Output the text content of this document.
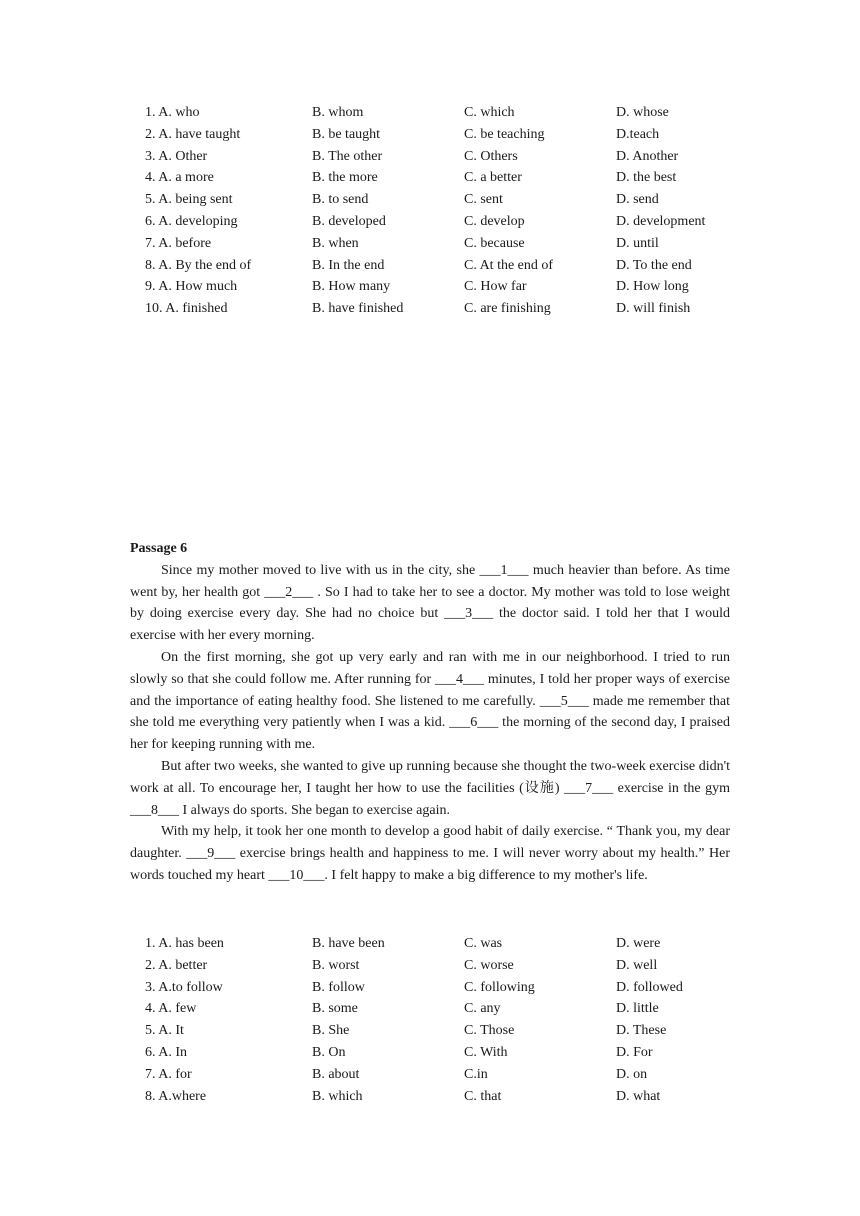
1. A. who	B. whom	C. which	D. whose
2. A. have taught	B. be taught	C. be teaching	D.teach
3. A. Other	B. The other	C. Others	D. Another
4. A. a more	B. the more	C. a better	D. the best
5. A. being sent	B. to send	C. sent	D. send
6. A. developing	B. developed	C. develop	D. development
7. A. before	B. when	C. because	D. until
8. A. By the end of	B. In the end	C. At the end of	D. To the end
9. A. How much	B. How many	C. How far	D. How long
10. A. finished	B. have finished	C. are finishing	D. will finish
Passage 6

Since my mother moved to live with us in the city, she ___1___ much heavier than before. As time went by, her health got ___2___ . So I had to take her to see a doctor. My mother was told to lose weight by doing exercise every day. She had no choice but ___3___ the doctor said. I told her that I would exercise with her every morning.

On the first morning, she got up very early and ran with me in our neighborhood. I tried to run slowly so that she could follow me. After running for ___4___ minutes, I told her proper ways of exercise and the importance of eating healthy food. She listened to me carefully. ___5___ made me remember that she told me everything very patiently when I was a kid. ___6___ the morning of the second day, I praised her for keeping running with me.

But after two weeks, she wanted to give up running because she thought the two-week exercise didn't work at all. To encourage her, I taught her how to use the facilities (设施) ___7___ exercise in the gym ___8___ I always do sports. She began to exercise again.

With my help, it took her one month to develop a good habit of daily exercise. “ Thank you, my dear daughter. ___9___ exercise brings health and happiness to me. I will never worry about my health.” Her words touched my heart ___10___. I felt happy to make a big difference to my mother's life.

1. A. has been	B. have been	C. was	D. were
2. A. better	B. worst	C. worse	D. well
3. A.to follow	B. follow	C. following	D. followed
4. A. few	B. some	C. any	D. little
5. A. It	B. She	C. Those	D. These
6. A. In	B. On	C. With	D. For
7. A. for	B. about	C.in	D. on
8. A.where	B. which	C. that	D. what
